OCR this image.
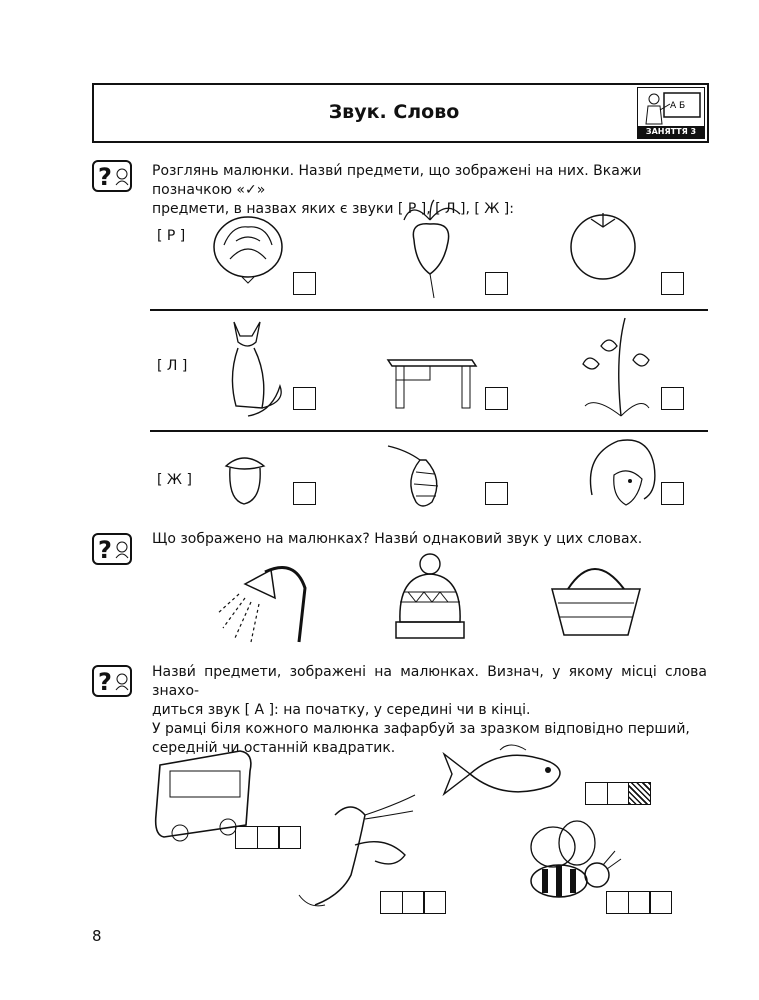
Звук. Слово	А Б
ЗАНЯТТЯ 3
?	Розглянь малюнки. Назви́ предмети, що зображені на них. Вкажи позначкою «✓»
предмети, в назвах яких є звуки [ Р ], [ Л ], [ Ж ]:
[ Р ]
[ Л ]
[ Ж ]
?	Що зображено на малюнках? Назви́ однаковий звук у цих словах.
?	Назви́ предмети, зображені на малюнках. Визнач, у якому місці слова знахо-
диться звук [ А ]: на початку, у середині чи в кінці.
У рамці біля кожного малюнка зафарбуй за зразком відповідно перший,
середній чи останній квадратик.
8
